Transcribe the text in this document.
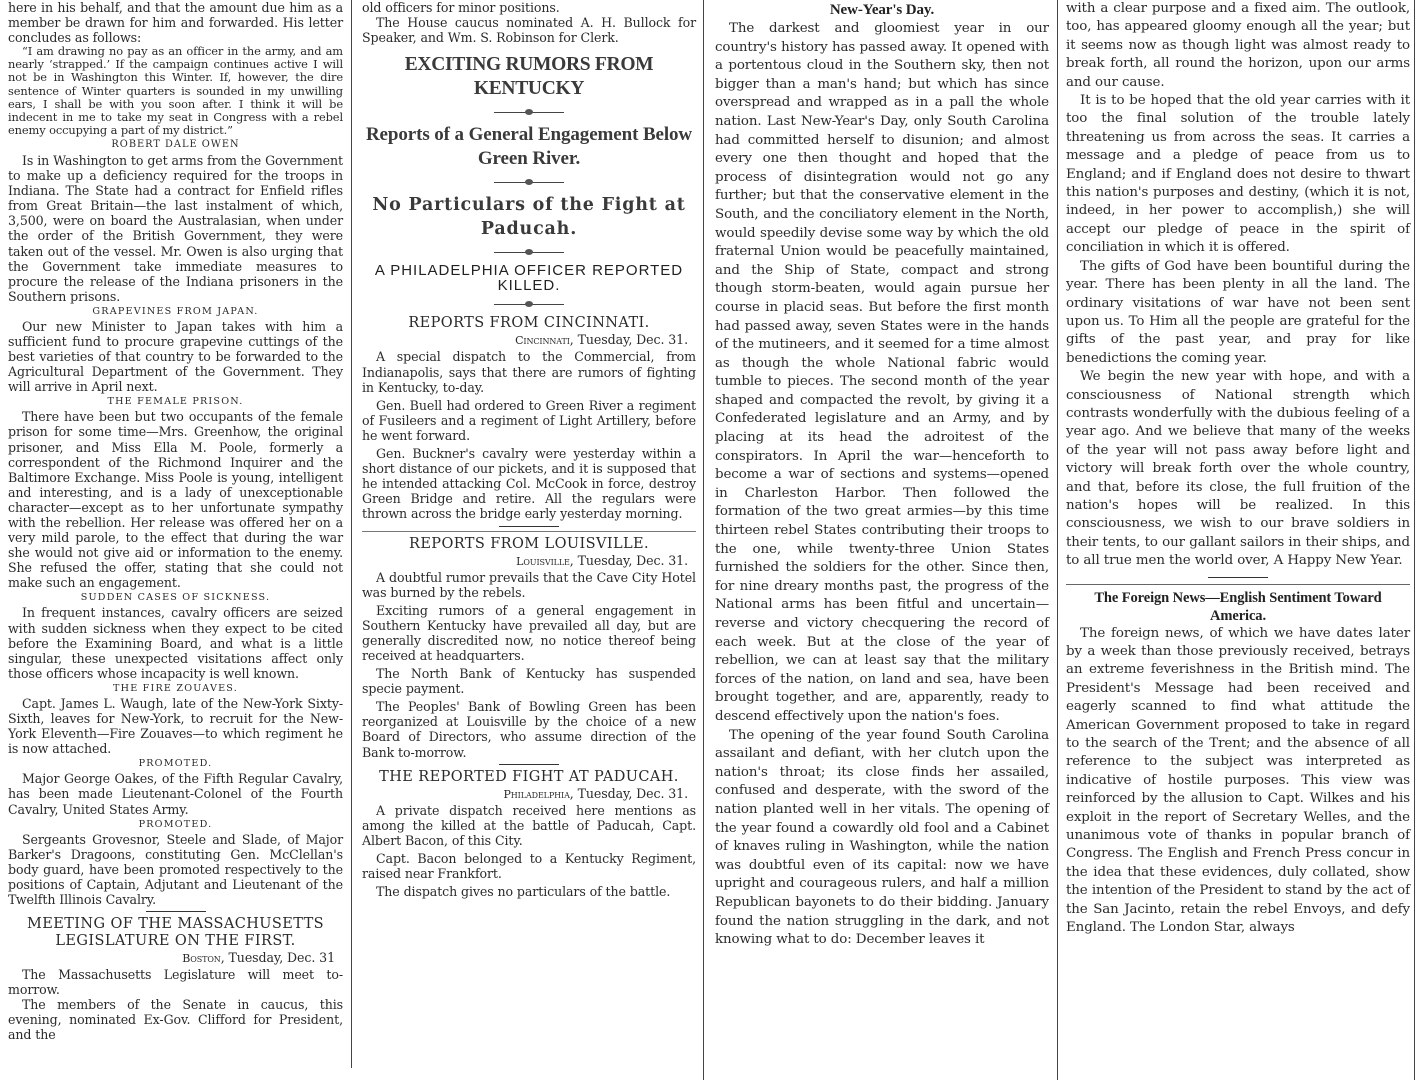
here in his behalf, and that the amount due him as a member be drawn for him and forwarded. His letter concludes as follows:

“I am drawing no pay as an officer in the army, and am nearly ‘strapped.’ If the campaign continues active I will not be in Washington this Winter. If, however, the dire sentence of Winter quarters is sounded in my unwilling ears, I shall be with you soon after. I think it will be indecent in me to take my seat in Congress with a rebel enemy occupying a part of my district.”

ROBERT DALE OWEN

Is in Washington to get arms from the Government to make up a deficiency required for the troops in Indiana. The State had a contract for Enfield rifles from Great Britain—the last instalment of which, 3,500, were on board the Australasian, when under the order of the British Government, they were taken out of the vessel. Mr. Owen is also urging that the Government take immediate measures to procure the release of the Indiana prisoners in the Southern prisons.

GRAPEVINES FROM JAPAN.

Our new Minister to Japan takes with him a sufficient fund to procure grapevine cuttings of the best varieties of that country to be forwarded to the Agricultural Department of the Government. They will arrive in April next.

THE FEMALE PRISON.

There have been but two occupants of the female prison for some time—Mrs. Greenhow, the original prisoner, and Miss Ella M. Poole, formerly a correspondent of the Richmond Inquirer and the Baltimore Exchange. Miss Poole is young, intelligent and interesting, and is a lady of unexceptionable character—except as to her unfortunate sympathy with the rebellion. Her release was offered her on a very mild parole, to the effect that during the war she would not give aid or information to the enemy. She refused the offer, stating that she could not make such an engagement.

SUDDEN CASES OF SICKNESS.

In frequent instances, cavalry officers are seized with sudden sickness when they expect to be cited before the Examining Board, and what is a little singular, these unexpected visitations affect only those officers whose incapacity is well known.

THE FIRE ZOUAVES.

Capt. James L. Waugh, late of the New-York Sixty-Sixth, leaves for New-York, to recruit for the New-York Eleventh—Fire Zouaves—to which regiment he is now attached.

PROMOTED.

Major George Oakes, of the Fifth Regular Cavalry, has been made Lieutenant-Colonel of the Fourth Cavalry, United States Army.

PROMOTED.

Sergeants Grovesnor, Steele and Slade, of Major Barker's Dragoons, constituting Gen. McClellan's body guard, have been promoted respectively to the positions of Captain, Adjutant and Lieutenant of the Twelfth Illinois Cavalry.

MEETING OF THE MASSACHUSETTS LEGISLATURE ON THE FIRST.
Boston, Tuesday, Dec. 31

The Massachusetts Legislature will meet to-morrow.

The members of the Senate in caucus, this evening, nominated Ex-Gov. Clifford for President, and the

old officers for minor positions.

The House caucus nominated A. H. Bullock for Speaker, and Wm. S. Robinson for Clerk.

EXCITING RUMORS FROM KENTUCKY
Reports of a General Engagement Below Green River.
No Particulars of the Fight at Paducah.
A PHILADELPHIA OFFICER REPORTED KILLED.
REPORTS FROM CINCINNATI.
Cincinnati, Tuesday, Dec. 31.

A special dispatch to the Commercial, from Indianapolis, says that there are rumors of fighting in Kentucky, to-day.

Gen. Buell had ordered to Green River a regiment of Fusileers and a regiment of Light Artillery, before he went forward.

Gen. Buckner's cavalry were yesterday within a short distance of our pickets, and it is supposed that he intended attacking Col. McCook in force, destroy Green Bridge and retire. All the regulars were thrown across the bridge early yesterday morning.

REPORTS FROM LOUISVILLE.
Louisville, Tuesday, Dec. 31.

A doubtful rumor prevails that the Cave City Hotel was burned by the rebels.

Exciting rumors of a general engagement in Southern Kentucky have prevailed all day, but are generally discredited now, no notice thereof being received at headquarters.

The North Bank of Kentucky has suspended specie payment.

The Peoples' Bank of Bowling Green has been reorganized at Louisville by the choice of a new Board of Directors, who assume direction of the Bank to-morrow.

THE REPORTED FIGHT AT PADUCAH.
Philadelphia, Tuesday, Dec. 31.

A private dispatch received here mentions as among the killed at the battle of Paducah, Capt. Albert Bacon, of this City.

Capt. Bacon belonged to a Kentucky Regiment, raised near Frankfort.

The dispatch gives no particulars of the battle.

New-Year's Day.

The darkest and gloomiest year in our country's history has passed away. It opened with a portentous cloud in the Southern sky, then not bigger than a man's hand; but which has since overspread and wrapped as in a pall the whole nation. Last New-Year's Day, only South Carolina had committed herself to disunion; and almost every one then thought and hoped that the process of disintegration would not go any further; but that the conservative element in the South, and the conciliatory element in the North, would speedily devise some way by which the old fraternal Union would be peacefully maintained, and the Ship of State, compact and strong though storm-beaten, would again pursue her course in placid seas. But before the first month had passed away, seven States were in the hands of the mutineers, and it seemed for a time almost as though the whole National fabric would tumble to pieces. The second month of the year shaped and compacted the revolt, by giving it a Confederated legislature and an Army, and by placing at its head the adroitest of the conspirators. In April the war—henceforth to become a war of sections and systems—opened in Charleston Harbor. Then followed the formation of the two great armies—by this time thirteen rebel States contributing their troops to the one, while twenty-three Union States furnished the soldiers for the other. Since then, for nine dreary months past, the progress of the National arms has been fitful and uncertain—reverse and victory checquering the record of each week. But at the close of the year of rebellion, we can at least say that the military forces of the nation, on land and sea, have been brought together, and are, apparently, ready to descend effectively upon the nation's foes.

The opening of the year found South Carolina assailant and defiant, with her clutch upon the nation's throat; its close finds her assailed, confused and desperate, with the sword of the nation planted well in her vitals. The opening of the year found a cowardly old fool and a Cabinet of knaves ruling in Washington, while the nation was doubtful even of its capital: now we have upright and courageous rulers, and half a million Republican bayonets to do their bidding. January found the nation struggling in the dark, and not knowing what to do: December leaves it

with a clear purpose and a fixed aim. The outlook, too, has appeared gloomy enough all the year; but it seems now as though light was almost ready to break forth, all round the horizon, upon our arms and our cause.

It is to be hoped that the old year carries with it too the final solution of the trouble lately threatening us from across the seas. It carries a message and a pledge of peace from us to England; and if England does not desire to thwart this nation's purposes and destiny, (which it is not, indeed, in her power to accomplish,) she will accept our pledge of peace in the spirit of conciliation in which it is offered.

The gifts of God have been bountiful during the year. There has been plenty in all the land. The ordinary visitations of war have not been sent upon us. To Him all the people are grateful for the gifts of the past year, and pray for like benedictions the coming year.

We begin the new year with hope, and with a consciousness of National strength which contrasts wonderfully with the dubious feeling of a year ago. And we believe that many of the weeks of the year will not pass away before light and victory will break forth over the whole country, and that, before its close, the full fruition of the nation's hopes will be realized. In this consciousness, we wish to our brave soldiers in their tents, to our gallant sailors in their ships, and to all true men the world over, A Happy New Year.

The Foreign News—English Sentiment Toward America.

The foreign news, of which we have dates later by a week than those previously received, betrays an extreme feverishness in the British mind. The President's Message had been received and eagerly scanned to find what attitude the American Government proposed to take in regard to the search of the Trent; and the absence of all reference to the subject was interpreted as indicative of hostile purposes. This view was reinforced by the allusion to Capt. Wilkes and his exploit in the report of Secretary Welles, and the unanimous vote of thanks in popular branch of Congress. The English and French Press concur in the idea that these evidences, duly collated, show the intention of the President to stand by the act of the San Jacinto, retain the rebel Envoys, and defy England. The London Star, always
